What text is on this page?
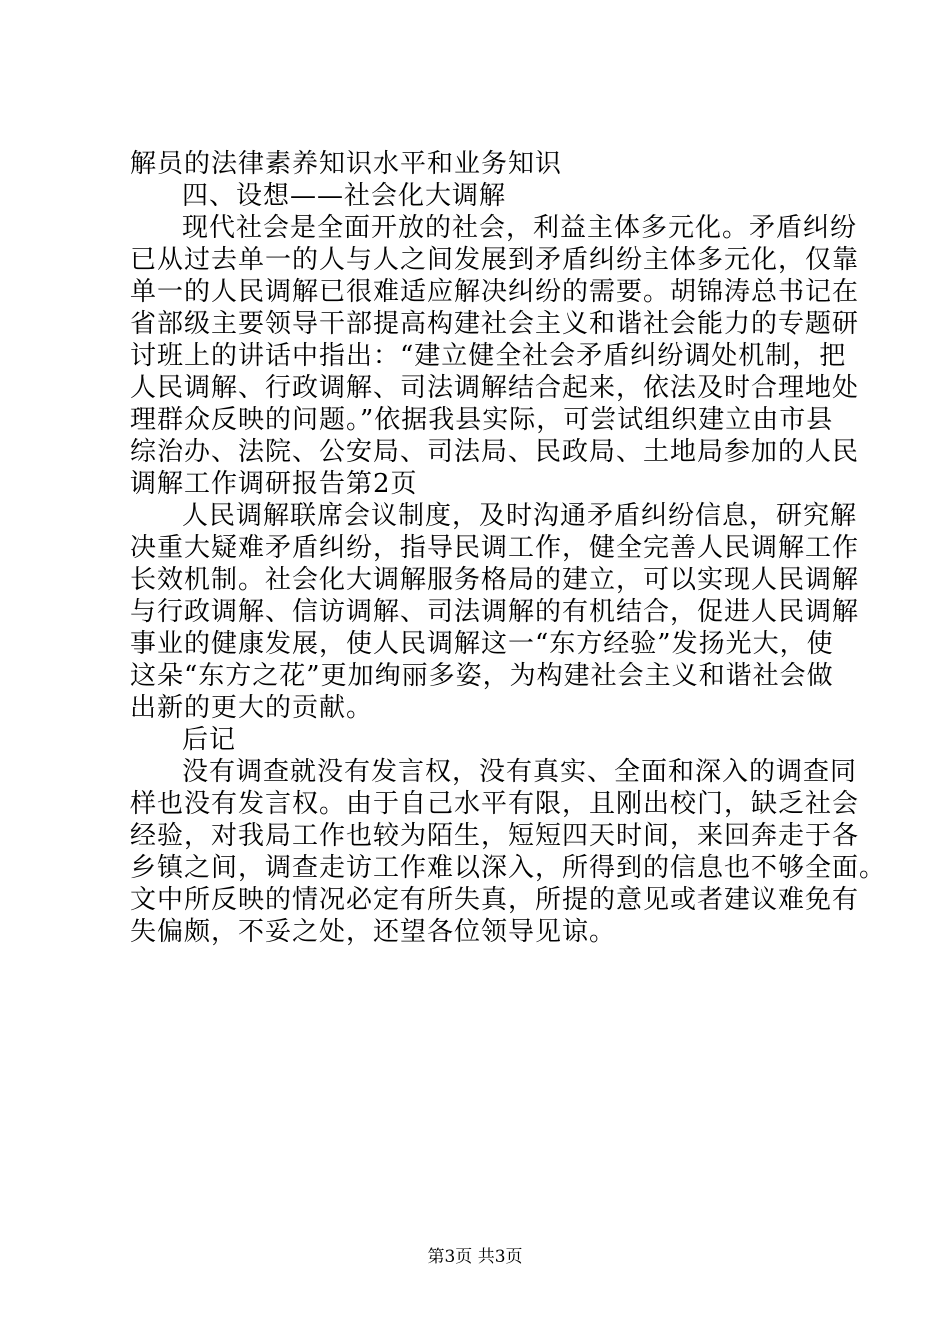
解员的法律素养知识水平和业务知识
四、设想——社会化大调解
现代社会是全面开放的社会，利益主体多元化。矛盾纠纷
已从过去单一的人与人之间发展到矛盾纠纷主体多元化，仅靠
单一的人民调解已很难适应解决纠纷的需要。胡锦涛总书记在
省部级主要领导干部提高构建社会主义和谐社会能力的专题研
讨班上的讲话中指出：“建立健全社会矛盾纠纷调处机制，把
人民调解、行政调解、司法调解结合起来，依法及时合理地处
理群众反映的问题。”依据我县实际，可尝试组织建立由市县
综治办、法院、公安局、司法局、民政局、土地局参加的人民
调解工作调研报告第2页
人民调解联席会议制度，及时沟通矛盾纠纷信息，研究解
决重大疑难矛盾纠纷，指导民调工作，健全完善人民调解工作
长效机制。社会化大调解服务格局的建立，可以实现人民调解
与行政调解、信访调解、司法调解的有机结合，促进人民调解
事业的健康发展，使人民调解这一“东方经验”发扬光大，使
这朵“东方之花”更加绚丽多姿，为构建社会主义和谐社会做
出新的更大的贡献。
后记
没有调查就没有发言权，没有真实、全面和深入的调查同
样也没有发言权。由于自己水平有限，且刚出校门，缺乏社会
经验，对我局工作也较为陌生，短短四天时间，来回奔走于各
乡镇之间，调查走访工作难以深入，所得到的信息也不够全面。
文中所反映的情况必定有所失真，所提的意见或者建议难免有
失偏颇，不妥之处，还望各位领导见谅。
第3页 共3页
